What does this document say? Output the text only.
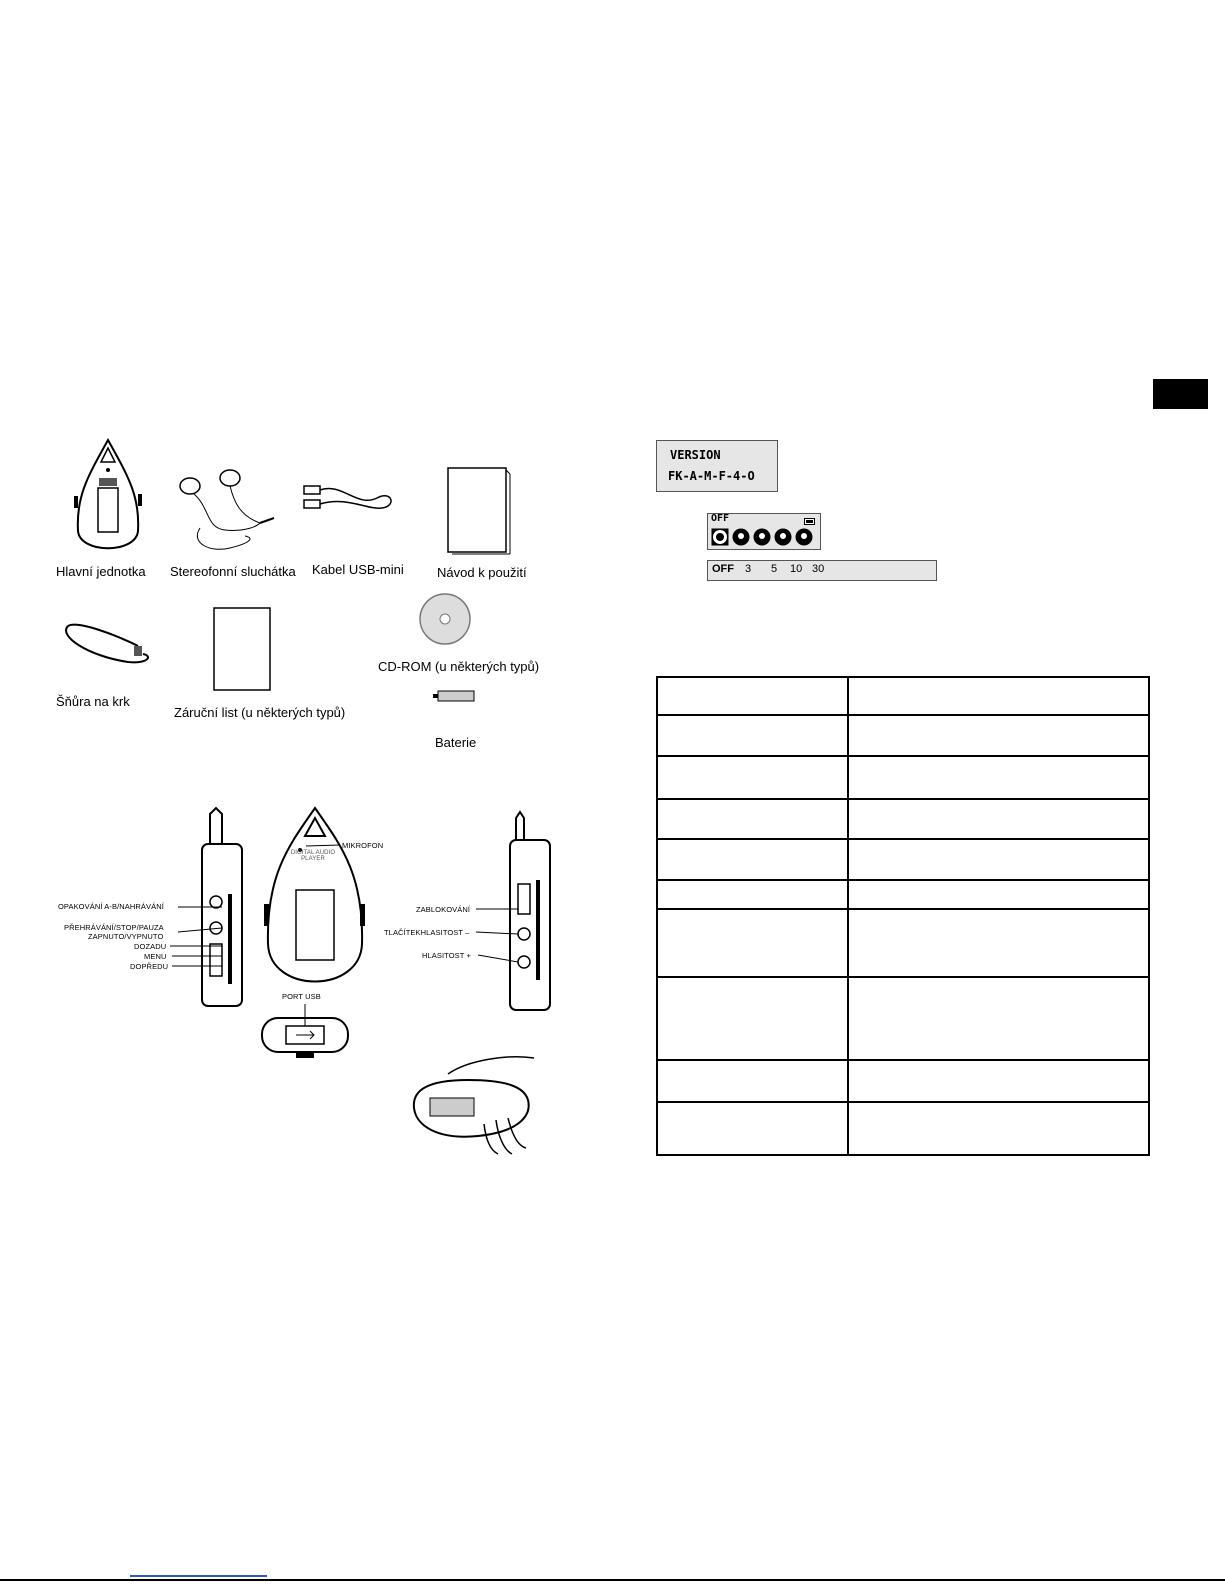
Hlavní jednotka Stereofonní sluchátka Kabel USB-mini	Návod k použití
Šňůra na krk
Záruční list (u některých typů)
CD-ROM (u některých typů)
Baterie
DIGITAL AUDIO PLAYER
OPAKOVÁNÍ A-B/NAHRÁVÁNÍ
PŘEHRÁVÁNÍ/STOP/PAUZA
ZAPNUTO/VYPNUTO
DOZADU
MENU
DOPŘEDU
MIKROFON
PORT USB
ZABLOKOVÁNÍ
TLAČÍTEKHLASITOST –
HLASITOST +
VERSION
FK-A-M-F-4-O
OFF
OFF 3 5 10 30
